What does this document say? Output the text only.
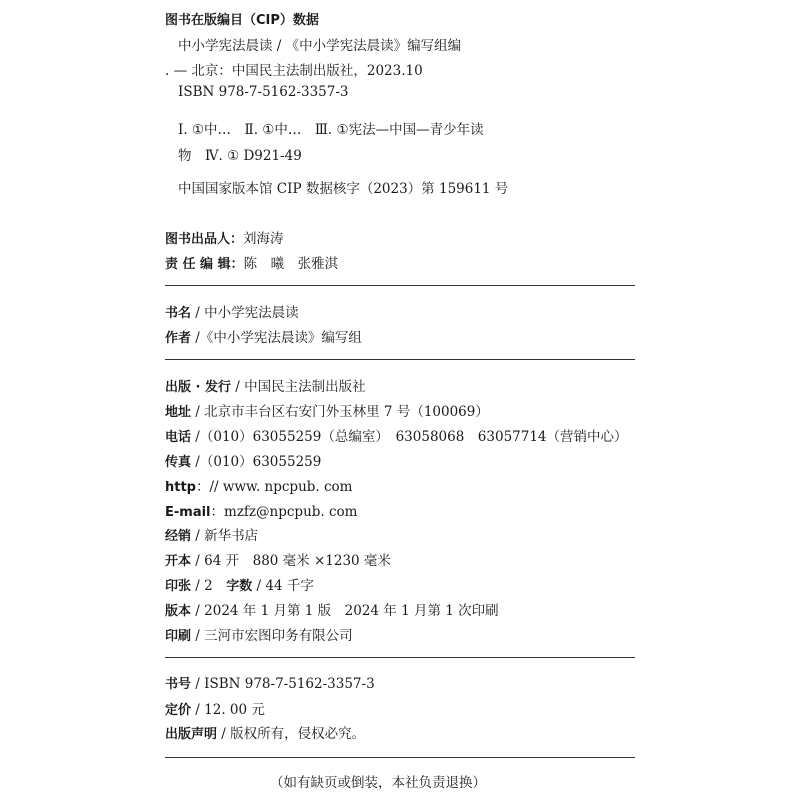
图书在版编目（CIP）数据
中小学宪法晨读 / 《中小学宪法晨读》编写组编
. — 北京：中国民主法制出版社，2023.10
ISBN 978-7-5162-3357-3
Ⅰ. ①中…　Ⅱ. ①中…　Ⅲ. ①宪法—中国—青少年读
物　Ⅳ. ① D921-49
中国国家版本馆 CIP 数据核字（2023）第 159611 号
图书出品人：刘海涛
责 任 编 辑：陈　曦　张雅淇
书名 / 中小学宪法晨读
作者 /《中小学宪法晨读》编写组
出版 · 发行 / 中国民主法制出版社
地址 / 北京市丰台区右安门外玉林里 7 号（100069）
电话 /（010）63055259（总编室）　63058068　63057714（营销中心）
传真 /（010）63055259
http：// www. npcpub. com
E-mail：mzfz@npcpub. com
经销 / 新华书店
开本 / 64 开　880 毫米 ×1230 毫米
印张 / 2　字数 / 44 千字
版本 / 2024 年 1 月第 1 版　2024 年 1 月第 1 次印刷
印刷 / 三河市宏图印务有限公司
书号 / ISBN 978-7-5162-3357-3
定价 / 12. 00 元
出版声明 / 版权所有，侵权必究。
（如有缺页或倒装，本社负责退换）
